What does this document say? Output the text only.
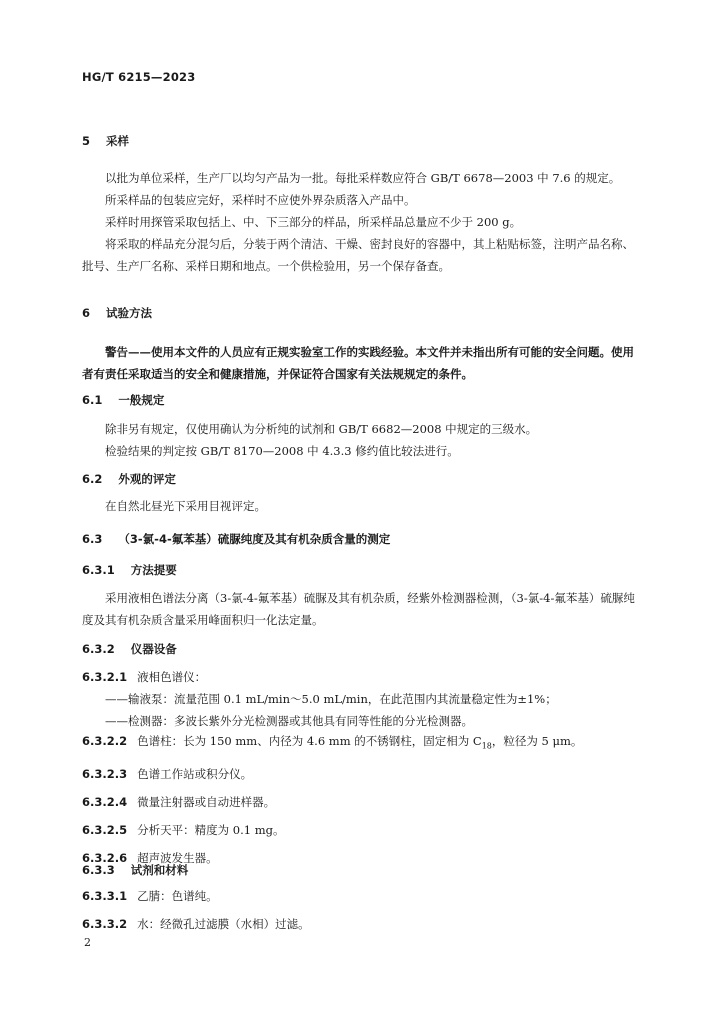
HG/T 6215—2023
5 采样

以批为单位采样，生产厂以均匀产品为一批。每批采样数应符合 GB/T 6678—2003 中 7.6 的规定。

所采样品的包装应完好，采样时不应使外界杂质落入产品中。

采样时用探管采取包括上、中、下三部分的样品，所采样品总量应不少于 200 g。

将采取的样品充分混匀后，分装于两个清洁、干燥、密封良好的容器中，其上粘贴标签，注明产品名称、批号、生产厂名称、采样日期和地点。一个供检验用，另一个保存备查。

6 试验方法

警告——使用本文件的人员应有正规实验室工作的实践经验。本文件并未指出所有可能的安全问题。使用者有责任采取适当的安全和健康措施，并保证符合国家有关法规规定的条件。

6.1 一般规定

除非另有规定，仅使用确认为分析纯的试剂和 GB/T 6682—2008 中规定的三级水。

检验结果的判定按 GB/T 8170—2008 中 4.3.3 修约值比较法进行。

6.2 外观的评定

在自然北昼光下采用目视评定。

6.3 （3-氯-4-氟苯基）硫脲纯度及其有机杂质含量的测定
6.3.1 方法提要

采用液相色谱法分离（3-氯-4-氟苯基）硫脲及其有机杂质，经紫外检测器检测，（3-氯-4-氟苯基）硫脲纯度及其有机杂质含量采用峰面积归一化法定量。

6.3.2 仪器设备

6.3.2.1 液相色谱仪：

——输液泵：流量范围 0.1 mL/min～5.0 mL/min，在此范围内其流量稳定性为±1%；

——检测器：多波长紫外分光检测器或其他具有同等性能的分光检测器。

6.3.2.2 色谱柱：长为 150 mm、内径为 4.6 mm 的不锈钢柱，固定相为 $C_{18}$，粒径为 5 μm。

6.3.2.3 色谱工作站或积分仪。

6.3.2.4 微量注射器或自动进样器。

6.3.2.5 分析天平：精度为 0.1 mg。

6.3.2.6 超声波发生器。

6.3.3 试剂和材料

6.3.3.1 乙腈：色谱纯。

6.3.3.2 水：经微孔过滤膜（水相）过滤。

2
